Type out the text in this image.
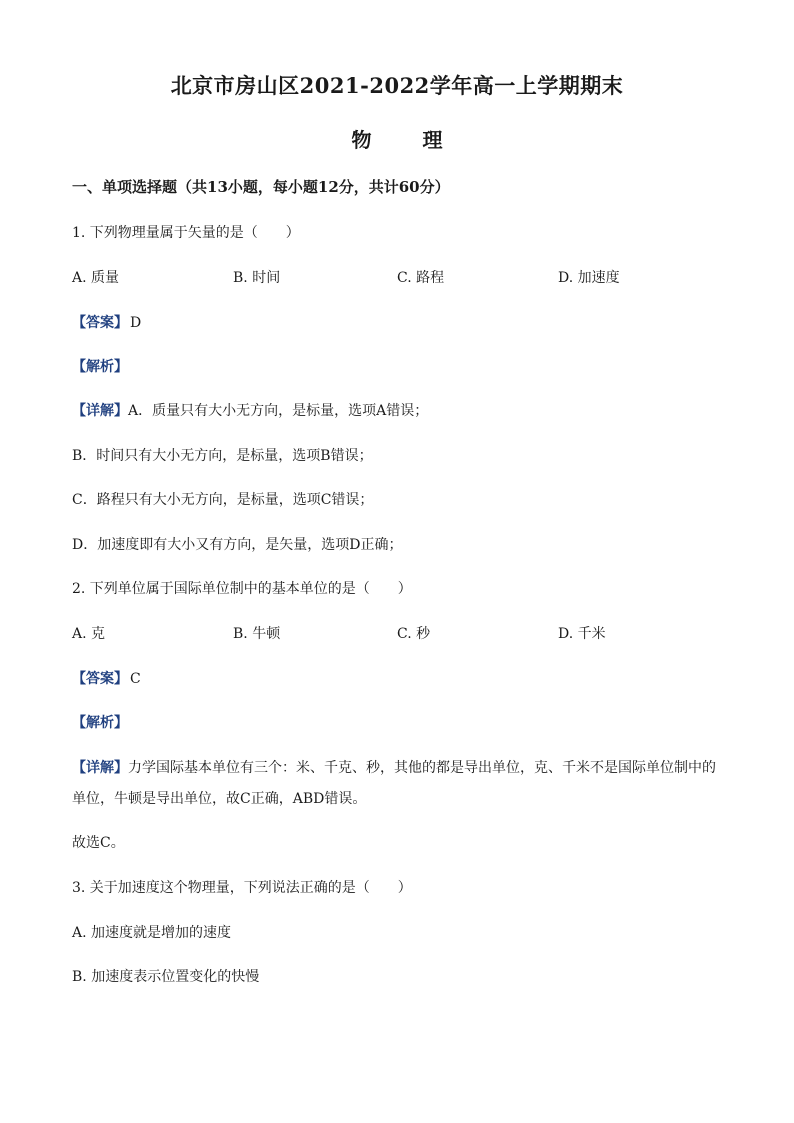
北京市房山区2021-2022学年高一上学期期末
物	理
一、单项选择题（共13小题，每小题12分，共计60分）
1. 下列物理量属于矢量的是（　　）
A. 质量	B. 时间	C. 路程	D. 加速度
【答案】 D
【解析】
【详解】A．质量只有大小无方向，是标量，选项A错误；
B．时间只有大小无方向，是标量，选项B错误；
C．路程只有大小无方向，是标量，选项C错误；
D．加速度即有大小又有方向，是矢量，选项D正确；
2. 下列单位属于国际单位制中的基本单位的是（　　）
A. 克	B. 牛顿	C. 秒	D. 千米
【答案】 C
【解析】
【详解】力学国际基本单位有三个：米、千克、秒，其他的都是导出单位，克、千米不是国际单位制中的
单位，牛顿是导出单位，故C正确，ABD错误。
故选C。
3. 关于加速度这个物理量，下列说法正确的是（　　）
A. 加速度就是增加的速度
B. 加速度表示位置变化的快慢
